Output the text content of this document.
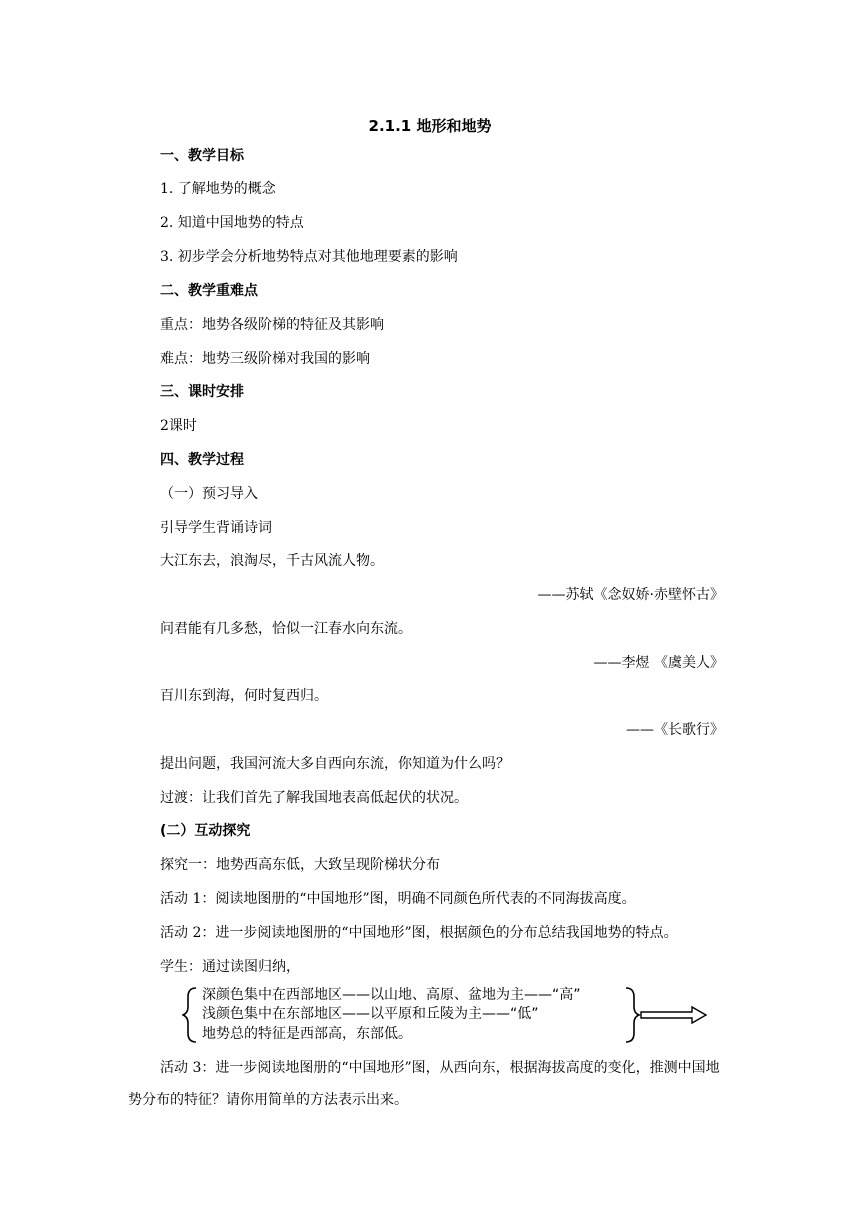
2.1.1 地形和地势
一、教学目标
1. 了解地势的概念
2. 知道中国地势的特点
3. 初步学会分析地势特点对其他地理要素的影响
二、教学重难点
重点：地势各级阶梯的特征及其影响
难点：地势三级阶梯对我国的影响
三、课时安排
2课时
四、教学过程
（一）预习导入
引导学生背诵诗词
大江东去，浪淘尽，千古风流人物。
——苏轼《念奴娇·赤壁怀古》
问君能有几多愁，恰似一江春水向东流。
——李煜 《虞美人》
百川东到海，何时复西归。
——《长歌行》
提出问题，我国河流大多自西向东流，你知道为什么吗？
过渡：让我们首先了解我国地表高低起伏的状况。
(二）互动探究
探究一：地势西高东低，大致呈现阶梯状分布
活动 1：阅读地图册的“中国地形”图，明确不同颜色所代表的不同海拔高度。
活动 2：进一步阅读地图册的“中国地形”图，根据颜色的分布总结我国地势的特点。
学生：通过读图归纳，
深颜色集中在西部地区——以山地、高原、盆地为主——“高”
浅颜色集中在东部地区——以平原和丘陵为主——“低”
地势总的特征是西部高，东部低。
活动 3：进一步阅读地图册的“中国地形”图，从西向东，根据海拔高度的变化，推测中国地势分布的特征？请你用简单的方法表示出来。
